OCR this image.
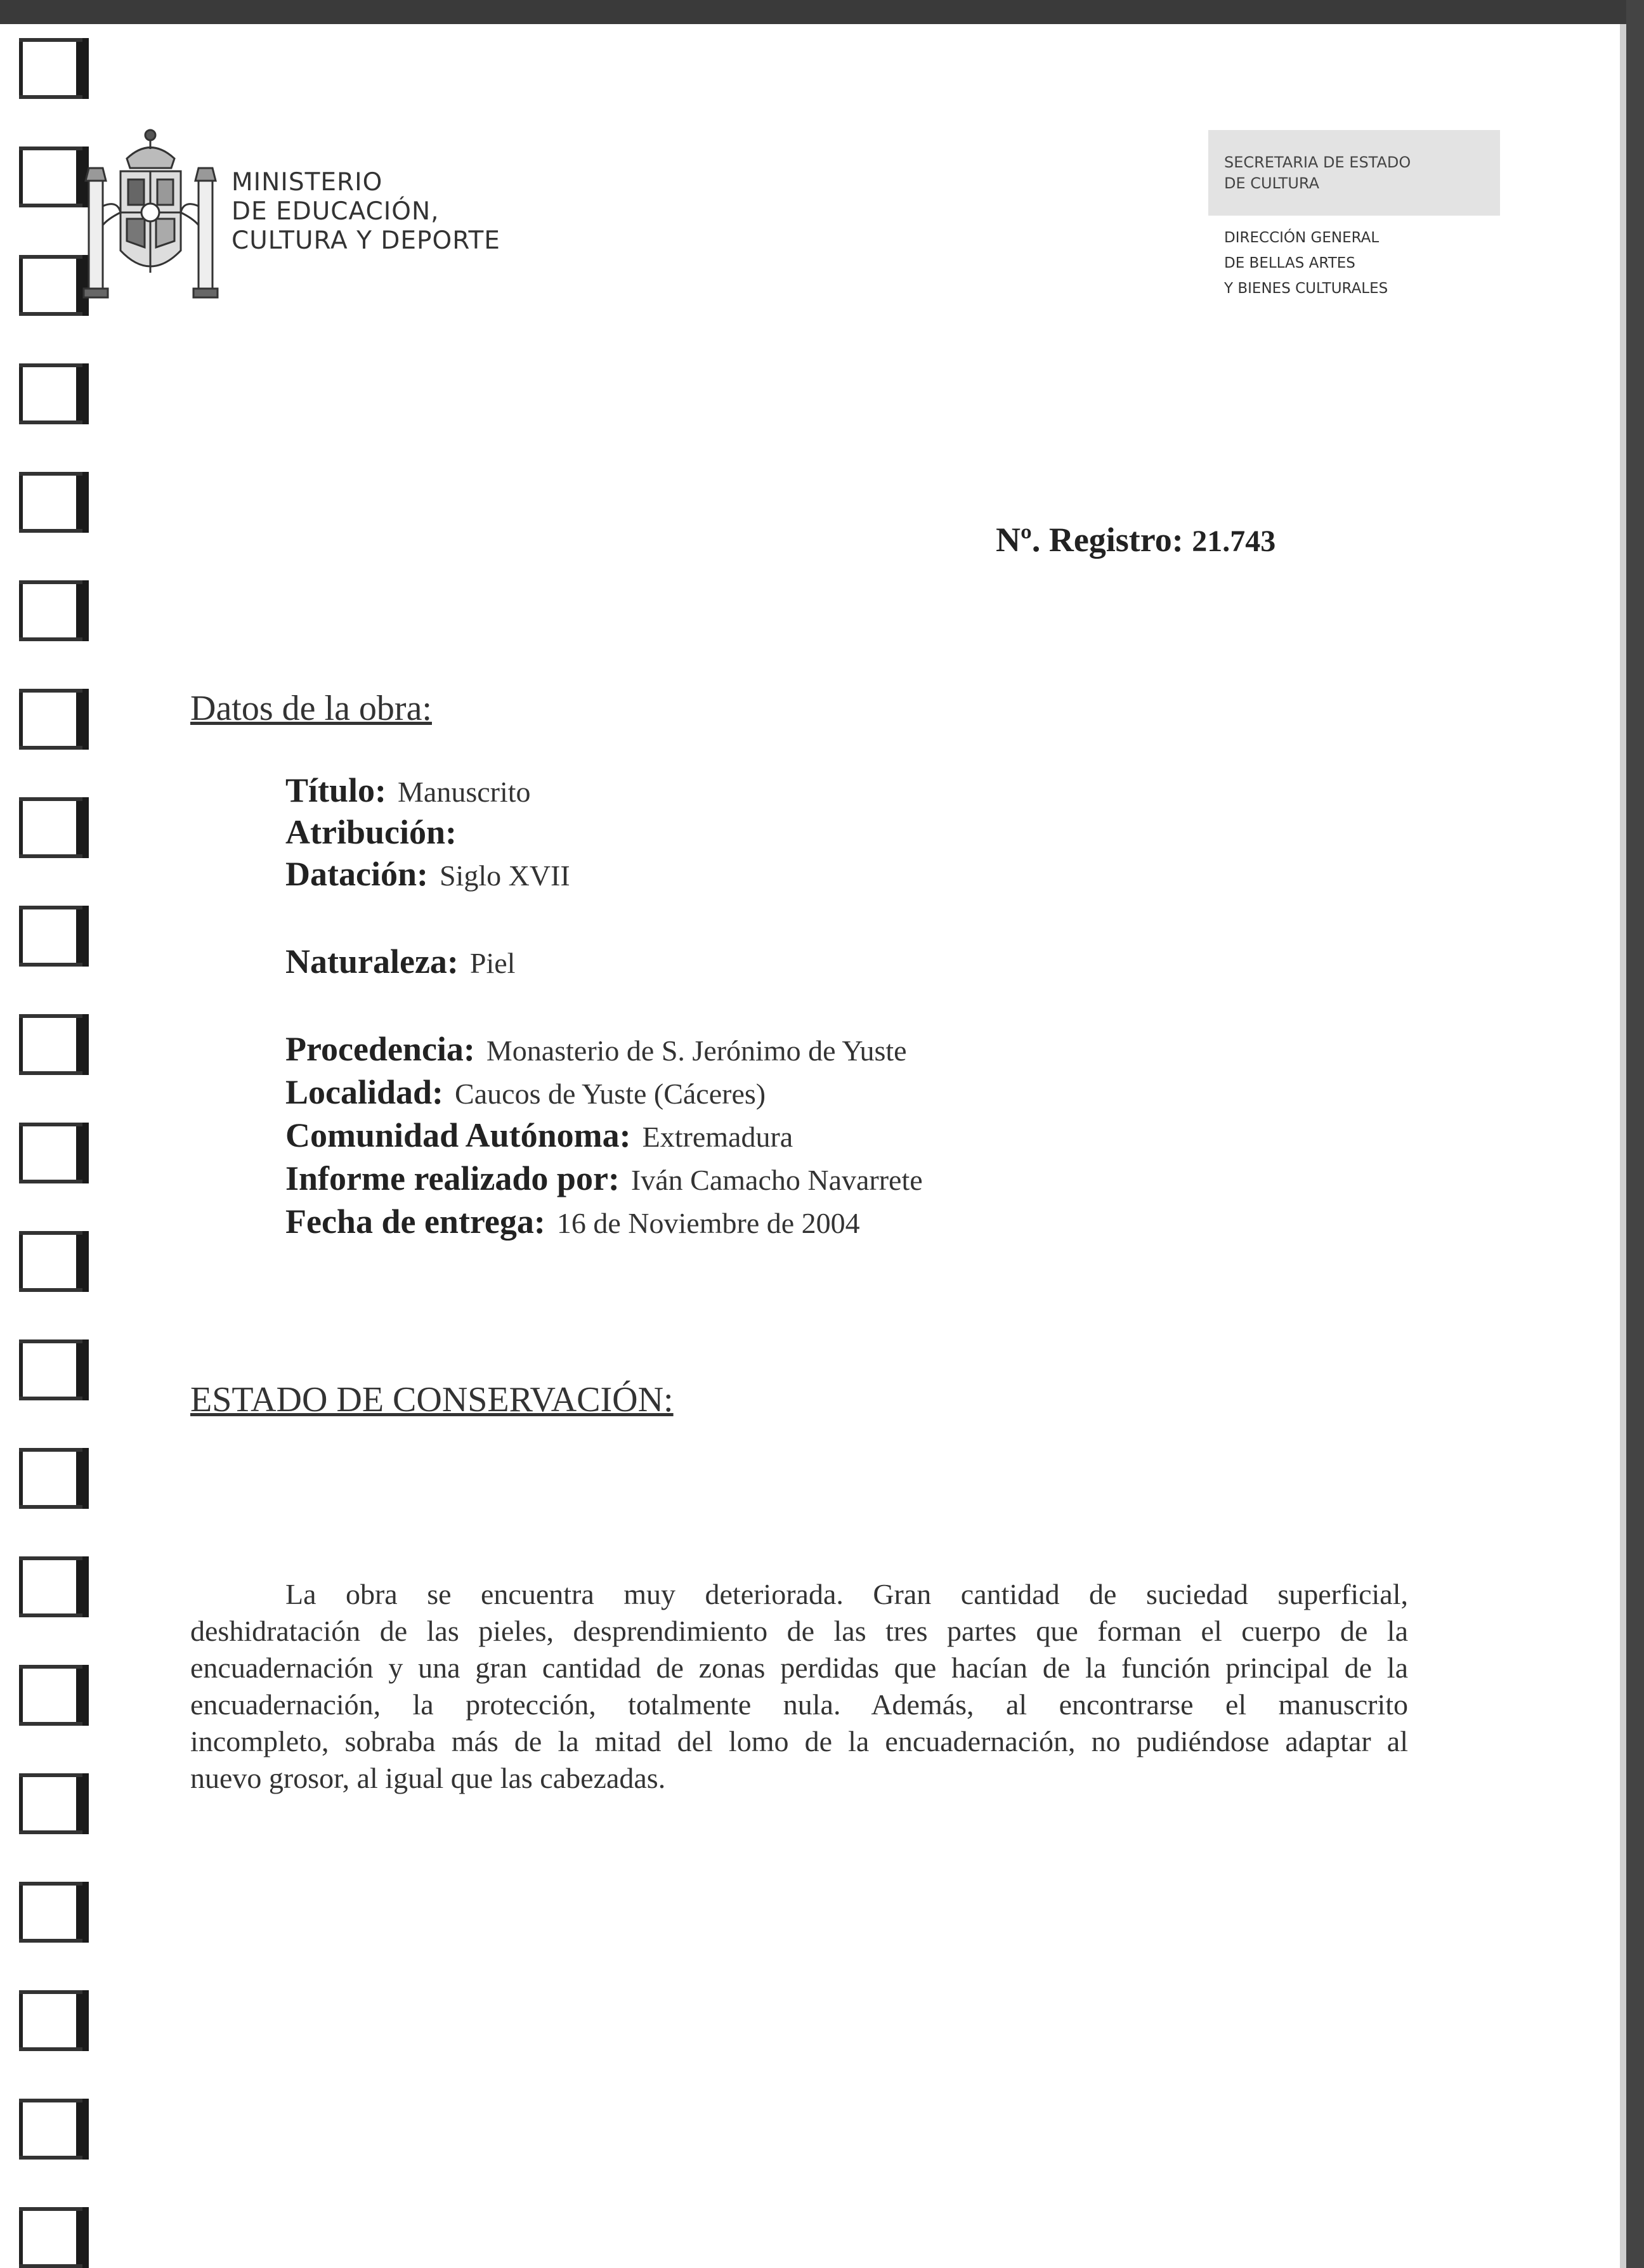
MINISTERIO
DE EDUCACIÓN,
CULTURA Y DEPORTE
SECRETARIA DE ESTADO
DE CULTURA
DIRECCIÓN GENERAL
DE BELLAS ARTES
Y BIENES CULTURALES
Nº. Registro: 21.743
Datos de la obra:
Título: Manuscrito
Atribución:
Datación: Siglo XVII
Naturaleza: Piel
Procedencia: Monasterio de S. Jerónimo de Yuste
Localidad: Caucos de Yuste (Cáceres)
Comunidad Autónoma: Extremadura
Informe realizado por: Iván Camacho Navarrete
Fecha de entrega: 16 de Noviembre de 2004
ESTADO DE CONSERVACIÓN:
La obra se encuentra muy deteriorada. Gran cantidad de suciedad superficial,
deshidratación de las pieles, desprendimiento de las tres partes que forman el cuerpo de la
encuadernación y una gran cantidad de zonas perdidas que hacían de la función principal de la
encuadernación, la protección, totalmente nula. Además, al encontrarse el manuscrito
incompleto, sobraba más de la mitad del lomo de la encuadernación, no pudiéndose adaptar al
nuevo grosor, al igual que las cabezadas.
